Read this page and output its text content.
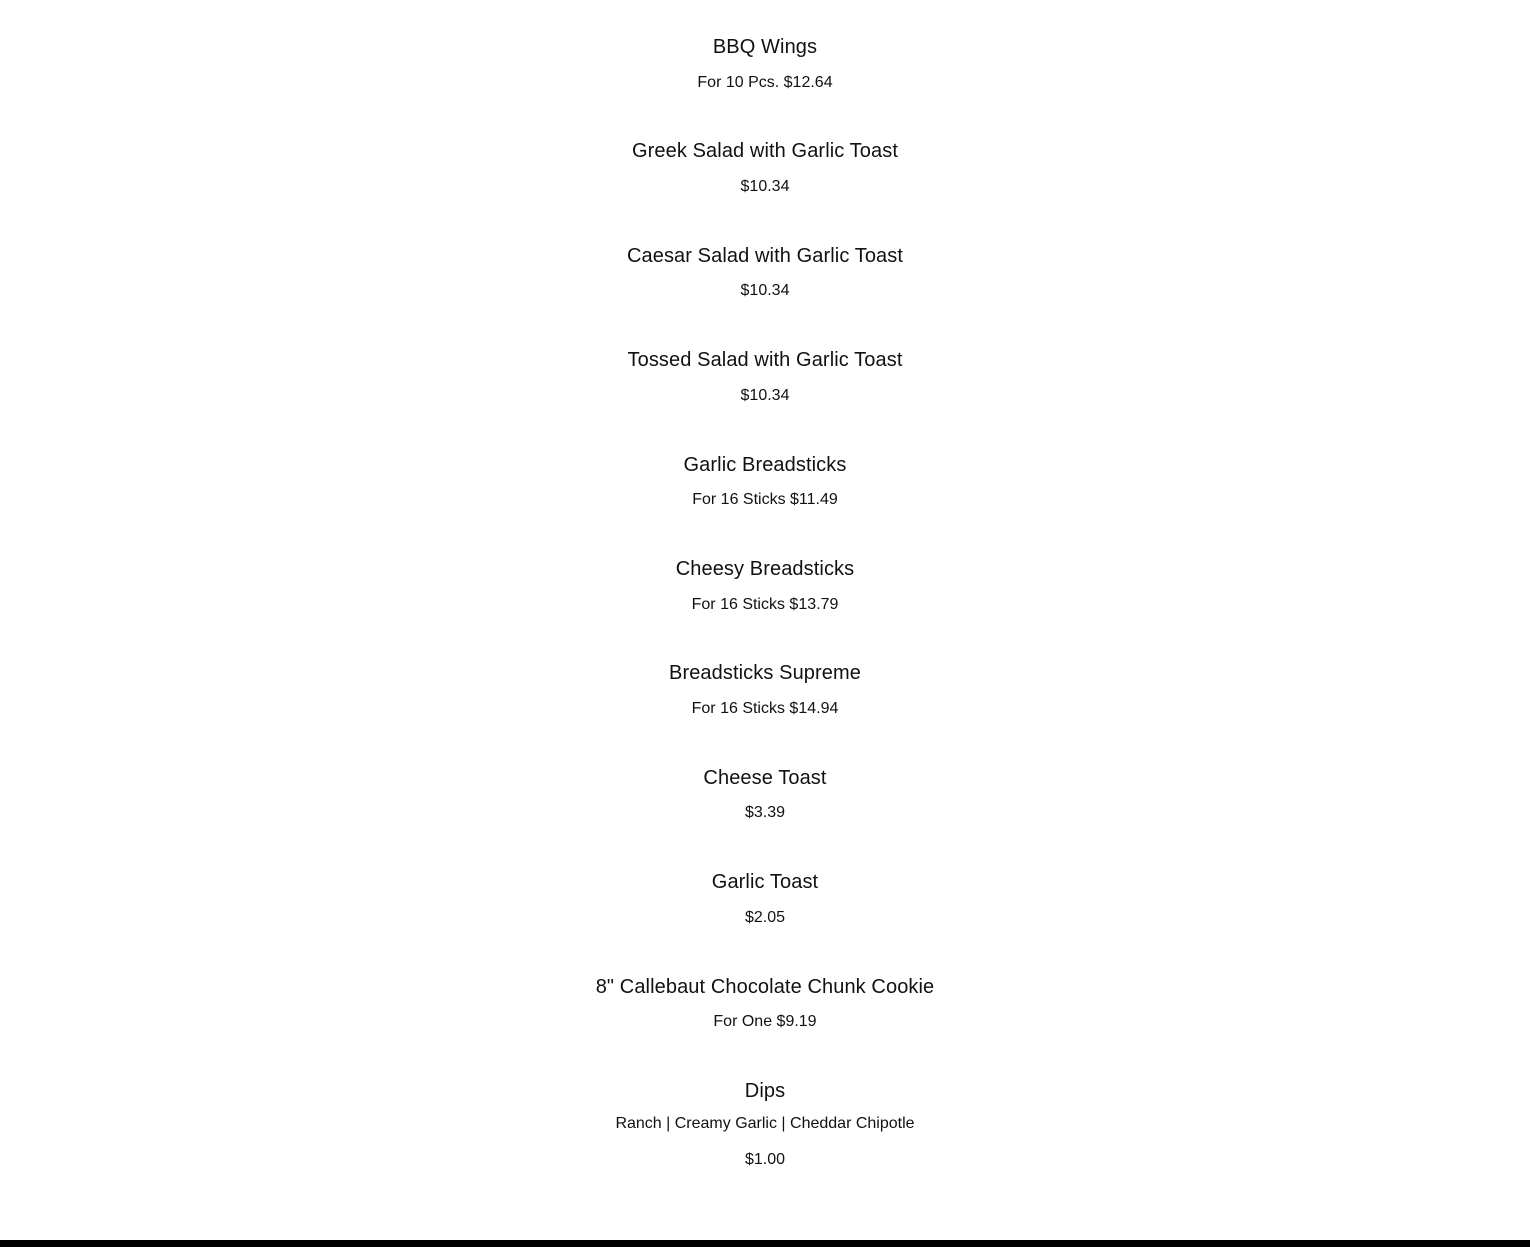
BBQ Wings
For 10 Pcs. $12.64
Greek Salad with Garlic Toast
$10.34
Caesar Salad with Garlic Toast
$10.34
Tossed Salad with Garlic Toast
$10.34
Garlic Breadsticks
For 16 Sticks $11.49
Cheesy Breadsticks
For 16 Sticks $13.79
Breadsticks Supreme
For 16 Sticks $14.94
Cheese Toast
$3.39
Garlic Toast
$2.05
8" Callebaut Chocolate Chunk Cookie
For One $9.19
Dips
Ranch | Creamy Garlic | Cheddar Chipotle
$1.00
